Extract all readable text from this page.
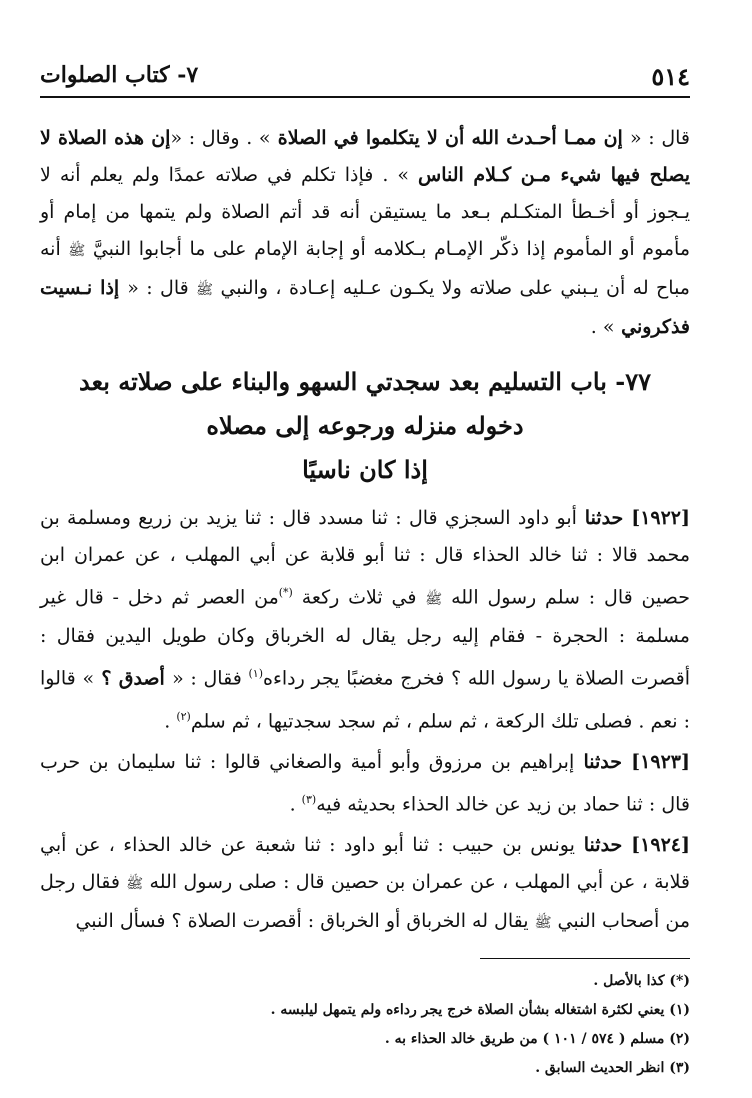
٥١٤
٧- كتاب الصلوات

قال : « إن ممـا أحـدث الله أن لا يتكلموا في الصلاة » . وقال : «إن هذه الصلاة لا يصلح فيها شيء مـن كـلام الناس » . فإذا تكلم في صلاته عمدًا ولم يعلم أنه لا يـجوز أو أخـطأ المتكـلم بـعد ما يستيقن أنه قد أتم الصلاة ولم يتمها من إمام أو مأموم أو المأموم إذا ذكّر الإمـام بـكلامه أو إجابة الإمام على ما أجابوا النبيَّ ﷺ أنه مباح له أن يـبني على صلاته ولا يكـون عـليه إعـادة ، والنبي ﷺ قال : « إذا نـسيت فذكروني » .

٧٧- باب التسليم بعد سجدتي السهو والبناء على صلاته بعد
دخوله منزله ورجوعه إلى مصلاه
إذا كان ناسيًا

[١٩٢٢] حدثنا أبو داود السجزي قال : ثنا مسدد قال : ثنا يزيد بن زريع ومسلمة بن محمد قالا : ثنا خالد الحذاء قال : ثنا أبو قلابة عن أبي المهلب ، عن عمران ابن حصين قال : سلم رسول الله ﷺ في ثلاث ركعة (*)من العصر ثم دخل - قال غير مسلمة : الحجرة - فقام إليه رجل يقال له الخرباق وكان طويل اليدين فقال : أقصرت الصلاة يا رسول الله ؟ فخرج مغضبًا يجر رداءه$^{(١)}$ فقال : « أصدق ؟ » قالوا : نعم . فصلى تلك الركعة ، ثم سلم ، ثم سجد سجدتيها ، ثم سلم$^{(٢)}$ .

[١٩٢٣] حدثنا إبراهيم بن مرزوق وأبو أمية والصغاني قالوا : ثنا سليمان بن حرب قال : ثنا حماد بن زيد عن خالد الحذاء بحديثه فيه$^{(٣)}$ .

[١٩٢٤] حدثنا يونس بن حبيب : ثنا أبو داود : ثنا شعبة عن خالد الحذاء ، عن أبي قلابة ، عن أبي المهلب ، عن عمران بن حصين قال : صلى رسول الله ﷺ فقال رجل من أصحاب النبي ﷺ يقال له الخرباق أو الخرباق : أقصرت الصلاة ؟ فسأل النبي

(*) كذا بالأصل .
(١) يعني لكثرة اشتغاله بشأن الصلاة خرج يجر رداءه ولم يتمهل ليلبسه .
(٢) مسلم ( ٥٧٤ / ١٠١ ) من طريق خالد الحذاء به .
(٣) انظر الحديث السابق .
